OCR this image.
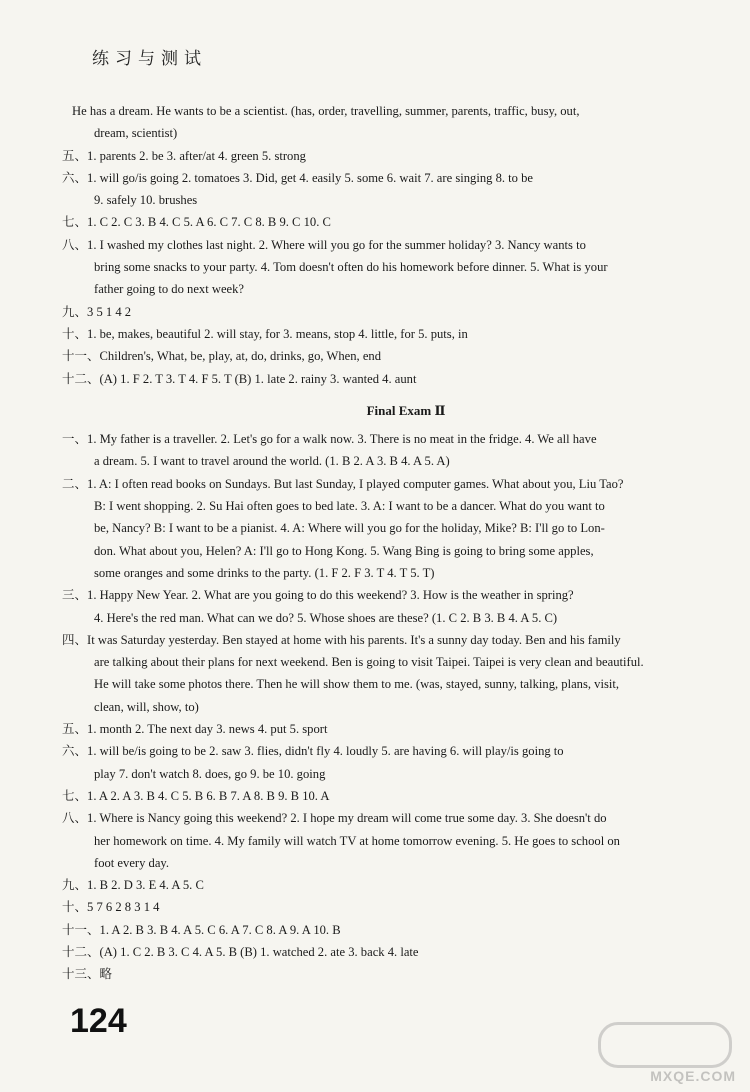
练习与测试
He has a dream. He wants to be a scientist. (has, order, travelling, summer, parents, traffic, busy, out,
dream, scientist)
五、1. parents 2. be 3. after/at 4. green 5. strong
六、1. will go/is going 2. tomatoes 3. Did, get 4. easily 5. some 6. wait 7. are singing 8. to be
9. safely 10. brushes
七、1. C 2. C 3. B 4. C 5. A 6. C 7. C 8. B 9. C 10. C
八、1. I washed my clothes last night. 2. Where will you go for the summer holiday? 3. Nancy wants to
bring some snacks to your party. 4. Tom doesn't often do his homework before dinner. 5. What is your
father going to do next week?
九、3 5 1 4 2
十、1. be, makes, beautiful 2. will stay, for 3. means, stop 4. little, for 5. puts, in
十一、Children's, What, be, play, at, do, drinks, go, When, end
十二、(A) 1. F 2. T 3. T 4. F 5. T (B) 1. late 2. rainy 3. wanted 4. aunt
Final Exam Ⅱ
一、1. My father is a traveller. 2. Let's go for a walk now. 3. There is no meat in the fridge. 4. We all have
a dream. 5. I want to travel around the world. (1. B 2. A 3. B 4. A 5. A)
二、1. A: I often read books on Sundays. But last Sunday, I played computer games. What about you, Liu Tao?
B: I went shopping. 2. Su Hai often goes to bed late. 3. A: I want to be a dancer. What do you want to
be, Nancy? B: I want to be a pianist. 4. A: Where will you go for the holiday, Mike? B: I'll go to Lon-
don. What about you, Helen? A: I'll go to Hong Kong. 5. Wang Bing is going to bring some apples,
some oranges and some drinks to the party. (1. F 2. F 3. T 4. T 5. T)
三、1. Happy New Year. 2. What are you going to do this weekend? 3. How is the weather in spring?
4. Here's the red man. What can we do? 5. Whose shoes are these? (1. C 2. B 3. B 4. A 5. C)
四、It was Saturday yesterday. Ben stayed at home with his parents. It's a sunny day today. Ben and his family
are talking about their plans for next weekend. Ben is going to visit Taipei. Taipei is very clean and beautiful.
He will take some photos there. Then he will show them to me. (was, stayed, sunny, talking, plans, visit,
clean, will, show, to)
五、1. month 2. The next day 3. news 4. put 5. sport
六、1. will be/is going to be 2. saw 3. flies, didn't fly 4. loudly 5. are having 6. will play/is going to
play 7. don't watch 8. does, go 9. be 10. going
七、1. A 2. A 3. B 4. C 5. B 6. B 7. A 8. B 9. B 10. A
八、1. Where is Nancy going this weekend? 2. I hope my dream will come true some day. 3. She doesn't do
her homework on time. 4. My family will watch TV at home tomorrow evening. 5. He goes to school on
foot every day.
九、1. B 2. D 3. E 4. A 5. C
十、5 7 6 2 8 3 1 4
十一、1. A 2. B 3. B 4. A 5. C 6. A 7. C 8. A 9. A 10. B
十二、(A) 1. C 2. B 3. C 4. A 5. B (B) 1. watched 2. ate 3. back 4. late
十三、略
124
MXQE.COM
